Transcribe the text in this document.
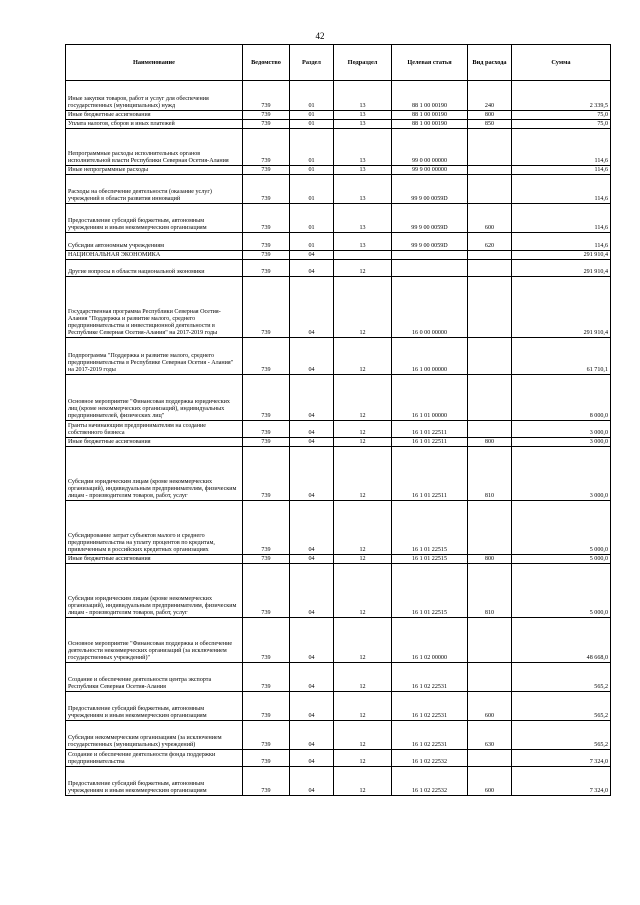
42
Наименование	Ведомство	Раздел	Подраздел	Целевая статья	Вид расхода	Сумма
Иные закупки товаров, работ и услуг для обеспечения государственных (муниципальных) нужд	739	01	13	88 1 00 00190	240	2 339,5
Иные бюджетные ассигнования	739	01	13	88 1 00 00190	800	75,0
Уплата налогов, сборов и иных платежей	739	01	13	88 1 00 00190	850	75,0
Непрограммные расходы исполнительных органов исполнительной власти Республики Северная Осетия-Алания	739	01	13	99 0 00 00000		114,6
Иные непрограммные расходы	739	01	13	99 9 00 00000		114,6
Расходы на обеспечение деятельности (оказание услуг) учреждений в области развития инноваций	739	01	13	99 9 00 0059D		114,6
Предоставление субсидий бюджетным, автономным учреждениям и иным некоммерческим организациям	739	01	13	99 9 00 0059D	600	114,6
Субсидии автономным учреждениям	739	01	13	99 9 00 0059D	620	114,6
НАЦИОНАЛЬНАЯ ЭКОНОМИКА	739	04				291 910,4
Другие вопросы в области национальной экономики	739	04	12			291 910,4
Государственная программа Республики Северная Осетия-Алания "Поддержка и развитие малого, среднего предпринимательства и инвестиционной деятельности в Республике Северная Осетия-Алания" на 2017-2019 годы	739	04	12	16 0 00 00000		291 910,4
Подпрограмма "Поддержка и развитие малого, среднего предпринимательства в Республике Северная Осетия - Алания" на 2017-2019 годы	739	04	12	16 1 00 00000		61 710,1
Основное мероприятие "Финансовая поддержка юридических лиц (кроме некоммерческих организаций), индивидуальных предпринимателей, физических лиц"	739	04	12	16 1 01 00000		8 000,0
Гранты начинающим предпринимателям на создание собственного бизнеса	739	04	12	16 1 01 22511		3 000,0
Иные бюджетные ассигнования	739	04	12	16 1 01 22511	800	3 000,0
Субсидии юридическим лицам (кроме некоммерческих организаций), индивидуальным предпринимателям, физическим лицам - производителям товаров, работ, услуг	739	04	12	16 1 01 22511	810	3 000,0
Субсидирование затрат субъектов малого и среднего предпринимательства на уплату процентов по кредитам, привлеченным в российских кредитных организациях	739	04	12	16 1 01 22515		5 000,0
Иные бюджетные ассигнования	739	04	12	16 1 01 22515	800	5 000,0
Субсидии юридическим лицам (кроме некоммерческих организаций), индивидуальным предпринимателям, физическим лицам - производителям товаров, работ, услуг	739	04	12	16 1 01 22515	810	5 000,0
Основное мероприятие "Финансовая поддержка и обеспечение деятельности некоммерческих организаций (за исключением государственных учреждений)"	739	04	12	16 1 02 00000		48 668,0
Создание и обеспечение деятельности центра экспорта Республики Северная Осетия-Алания	739	04	12	16 1 02 22531		565,2
Предоставление субсидий бюджетным, автономным учреждениям и иным некоммерческим организациям	739	04	12	16 1 02 22531	600	565,2
Субсидии некоммерческим организациям (за исключением государственных (муниципальных) учреждений)	739	04	12	16 1 02 22531	630	565,2
Создание и обеспечение деятельности фонда поддержки предпринимательства	739	04	12	16 1 02 22532		7 324,0
Предоставление субсидий бюджетным, автономным учреждениям и иным некоммерческим организациям	739	04	12	16 1 02 22532	600	7 324,0
